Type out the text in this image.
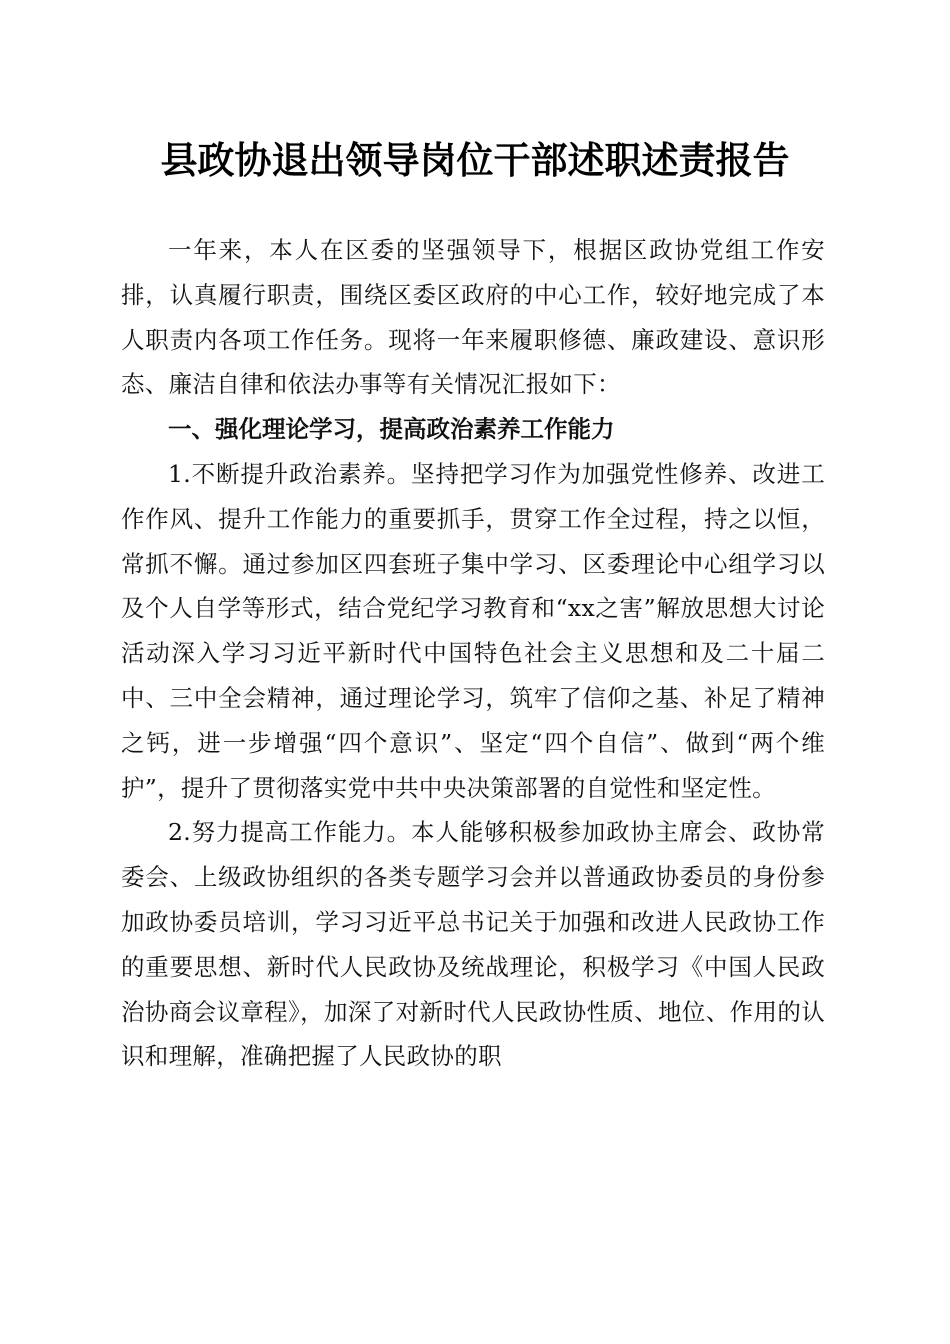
县政协退出领导岗位干部述职述责报告

一年来，本人在区委的坚强领导下，根据区政协党组工作安排，认真履行职责，围绕区委区政府的中心工作，较好地完成了本人职责内各项工作任务。现将一年来履职修德、廉政建设、意识形态、廉洁自律和依法办事等有关情况汇报如下：

一、强化理论学习，提高政治素养工作能力

1.不断提升政治素养。坚持把学习作为加强党性修养、改进工作作风、提升工作能力的重要抓手，贯穿工作全过程，持之以恒，常抓不懈。通过参加区四套班子集中学习、区委理论中心组学习以及个人自学等形式，结合党纪学习教育和“xx之害”解放思想大讨论活动深入学习习近平新时代中国特色社会主义思想和及二十届二中、三中全会精神，通过理论学习，筑牢了信仰之基、补足了精神之钙，进一步增强“四个意识”、坚定“四个自信”、做到“两个维护”，提升了贯彻落实党中共中央决策部署的自觉性和坚定性。

2.努力提高工作能力。本人能够积极参加政协主席会、政协常委会、上级政协组织的各类专题学习会并以普通政协委员的身份参加政协委员培训，学习习近平总书记关于加强和改进人民政协工作的重要思想、新时代人民政协及统战理论，积极学习《中国人民政治协商会议章程》，加深了对新时代人民政协性质、地位、作用的认识和理解，准确把握了人民政协的职
